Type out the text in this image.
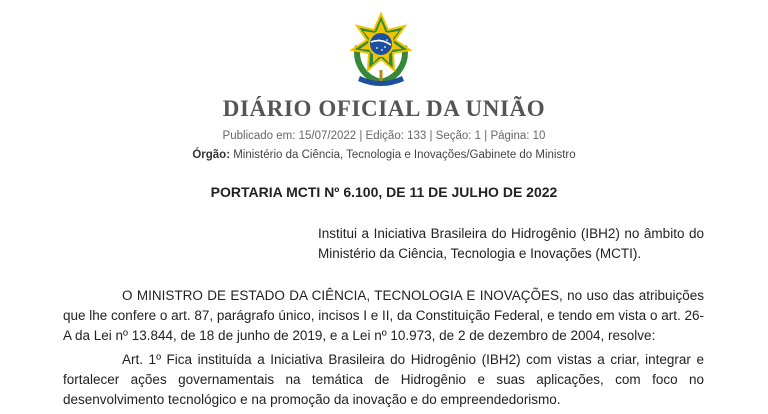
DIÁRIO OFICIAL DA UNIÃO
Publicado em: 15/07/2022 | Edição: 133 | Seção: 1 | Página: 10
Órgão: Ministério da Ciência, Tecnologia e Inovações/Gabinete do Ministro
PORTARIA MCTI Nº 6.100, DE 11 DE JULHO DE 2022
Institui a Iniciativa Brasileira do Hidrogênio (IBH2) no âmbito do Ministério da Ciência, Tecnologia e Inovações (MCTI).
O MINISTRO DE ESTADO DA CIÊNCIA, TECNOLOGIA E INOVAÇÕES, no uso das atribuições que lhe confere o art. 87, parágrafo único, incisos I e II, da Constituição Federal, e tendo em vista o art. 26-A da Lei nº 13.844, de 18 de junho de 2019, e a Lei nº 10.973, de 2 de dezembro de 2004, resolve:
Art. 1º Fica instituída a Iniciativa Brasileira do Hidrogênio (IBH2) com vistas a criar, integrar e fortalecer ações governamentais na temática de Hidrogênio e suas aplicações, com foco no desenvolvimento tecnológico e na promoção da inovação e do empreendedorismo.
